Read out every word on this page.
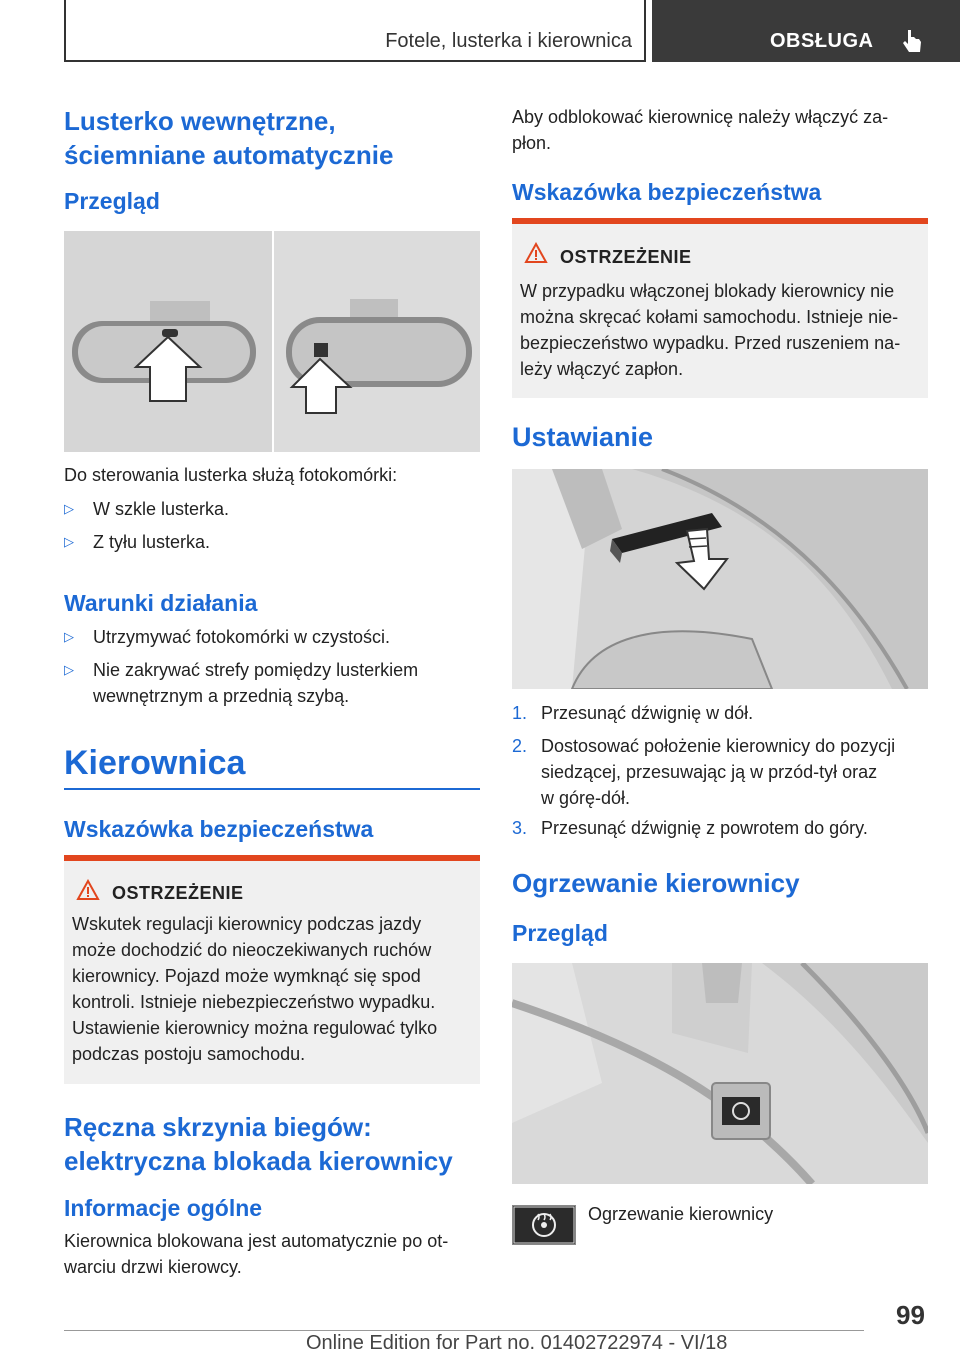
Fotele, lusterka i kierownica	OBSŁUGA
Lusterko wewnętrzne, ściemniane automatycznie
Przegląd
Do sterowania lusterka służą fotokomórki:
▷ W szkle lusterka.
▷ Z tyłu lusterka.
Warunki działania
▷ Utrzymywać fotokomórki w czystości.
▷ Nie zakrywać strefy pomiędzy lusterkiem
wewnętrznym a przednią szybą.
Kierownica
Wskazówka bezpieczeństwa
OSTRZEŻENIE
Wskutek regulacji kierownicy podczas jazdy
może dochodzić do nieoczekiwanych ruchów
kierownicy. Pojazd może wymknąć się spod
kontroli. Istnieje niebezpieczeństwo wypadku.
Ustawienie kierownicy można regulować tylko
podczas postoju samochodu.
Ręczna skrzynia biegów:
elektryczna blokada kierownicy
Informacje ogólne
Kierownica blokowana jest automatycznie po ot-
warciu drzwi kierowcy.
Aby odblokować kierownicę należy włączyć za-
płon.
Wskazówka bezpieczeństwa
OSTRZEŻENIE
W przypadku włączonej blokady kierownicy nie
można skręcać kołami samochodu. Istnieje nie-
bezpieczeństwo wypadku. Przed ruszeniem na-
leży włączyć zapłon.
Ustawianie
1. Przesunąć dźwignię w dół.
2. Dostosować położenie kierownicy do pozycji
siedzącej, przesuwając ją w przód-tył oraz
w górę-dół.
3. Przesunąć dźwignię z powrotem do góry.
Ogrzewanie kierownicy
Przegląd
Ogrzewanie kierownicy
99
Online Edition for Part no. 01402722974 - VI/18
